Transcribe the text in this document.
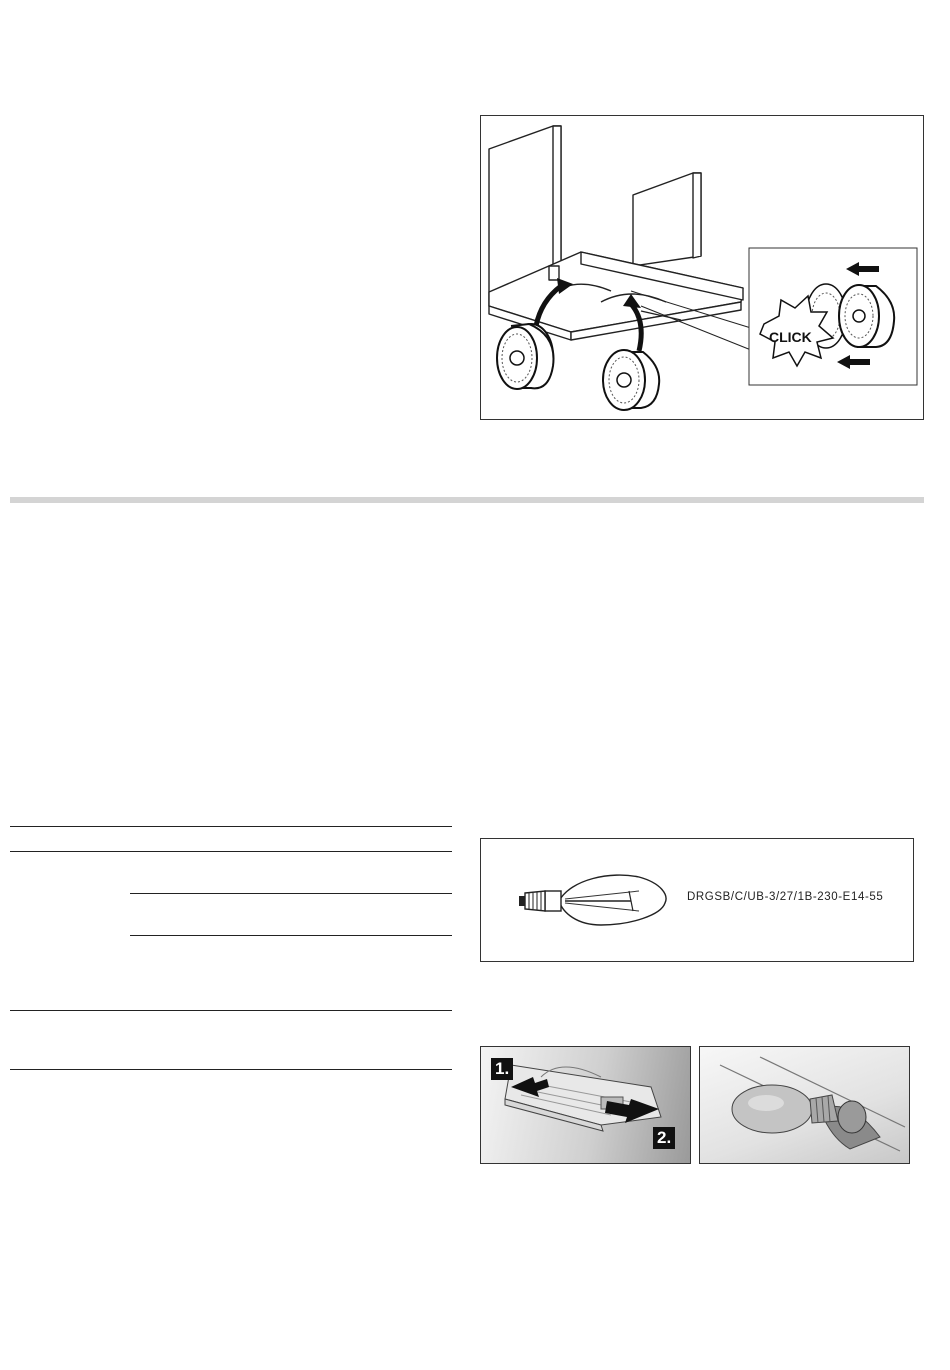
CLICK
DRGSB/C/UB-3/27/1B-230-E14-55
1.
2.
